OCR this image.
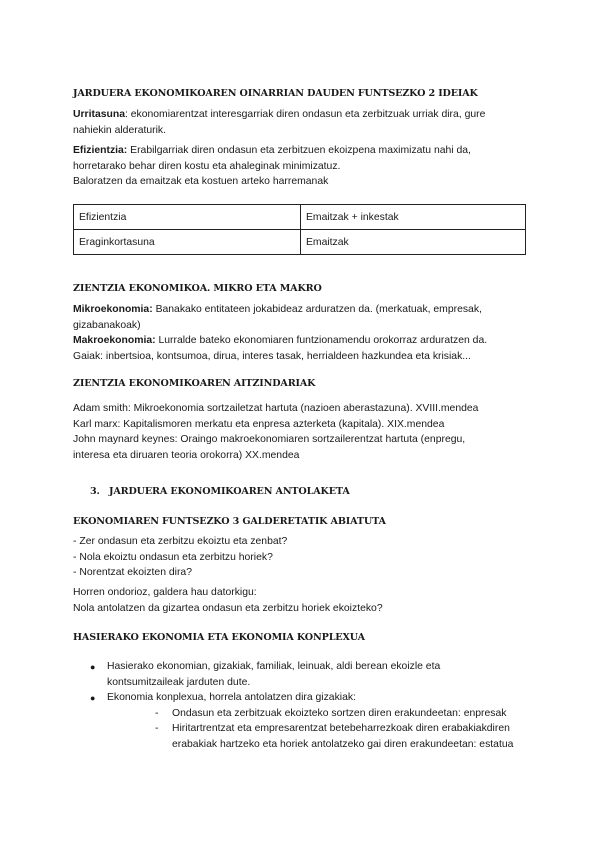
JARDUERA EKONOMIKOAREN OINARRIAN DAUDEN FUNTSEZKO 2 IDEIAK
Urritasuna: ekonomiarentzat interesgarriak diren ondasun eta zerbitzuak urriak dira, gure
nahiekin alderaturik.
Efizientzia: Erabilgarriak diren ondasun eta zerbitzuen ekoizpena maximizatu nahi da,
horretarako behar diren kostu eta ahaleginak minimizatuz.
Baloratzen da emaitzak eta kostuen arteko harremanak
Efizientzia	Emaitzak + inkestak
Eraginkortasuna	Emaitzak
ZIENTZIA EKONOMIKOA. MIKRO ETA MAKRO
Mikroekonomia: Banakako entitateen jokabideaz arduratzen da. (merkatuak, empresak,
gizabanakoak)
Makroekonomia: Lurralde bateko ekonomiaren funtzionamendu orokorraz arduratzen da.
Gaiak: inbertsioa, kontsumoa, dirua, interes tasak, herrialdeen hazkundea eta krisiak...
ZIENTZIA EKONOMIKOAREN AITZINDARIAK
Adam smith: Mikroekonomia sortzailetzat hartuta (nazioen aberastazuna). XVIII.mendea
Karl marx: Kapitalismoren merkatu eta enpresa azterketa (kapitala). XIX.mendea
John maynard keynes: Oraingo makroekonomiaren sortzailerentzat hartuta (enpregu,
interesa eta diruaren teoria orokorra) XX.mendea
3. JARDUERA EKONOMIKOAREN ANTOLAKETA
EKONOMIAREN FUNTSEZKO 3 GALDERETATIK ABIATUTA
- Zer ondasun eta zerbitzu ekoiztu eta zenbat?
- Nola ekoiztu ondasun eta zerbitzu horiek?
- Norentzat ekoizten dira?
Horren ondorioz, galdera hau datorkigu:
Nola antolatzen da gizartea ondasun eta zerbitzu horiek ekoizteko?
HASIERAKO EKONOMIA ETA EKONOMIA KONPLEXUA
● Hasierako ekonomian, gizakiak, familiak, leinuak, aldi berean ekoizle eta
kontsumitzaileak jarduten dute.
● Ekonomia konplexua, horrela antolatzen dira gizakiak:
- Ondasun eta zerbitzuak ekoizteko sortzen diren erakundeetan: enpresak
- Hiritartrentzat eta empresarentzat betebeharrezkoak diren erabakiakdiren
erabakiak hartzeko eta horiek antolatzeko gai diren erakundeetan: estatua
